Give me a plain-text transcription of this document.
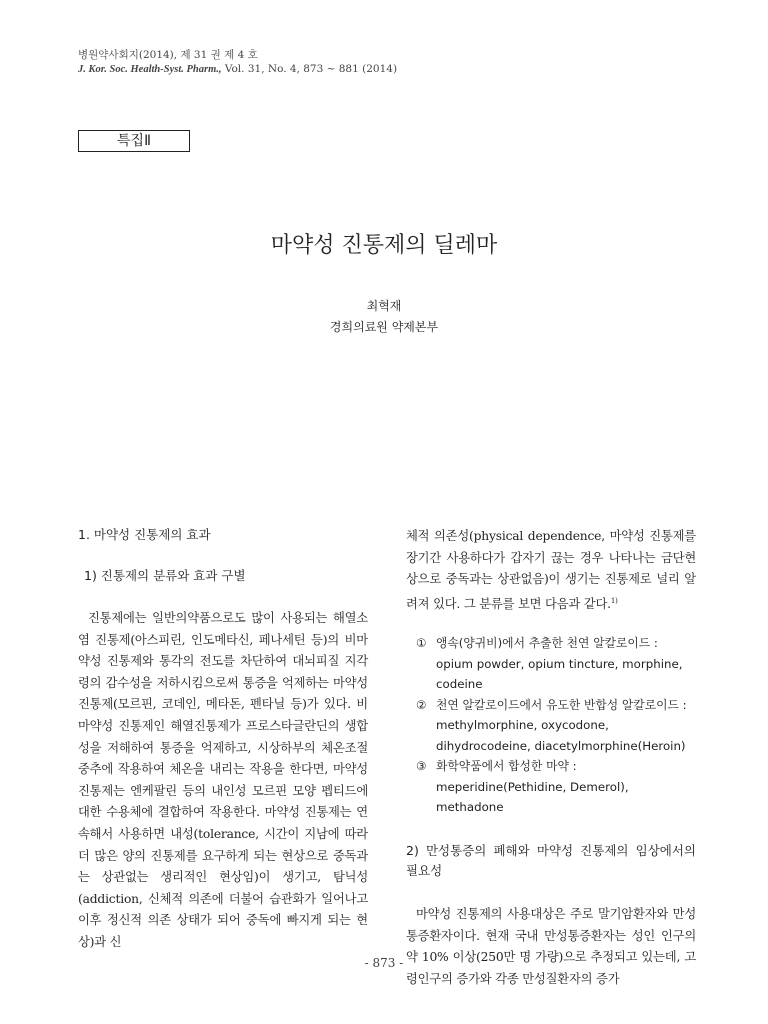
병원약사회지(2014), 제 31 권 제 4 호
J. Kor. Soc. Health-Syst. Pharm., Vol. 31, No. 4, 873 ~ 881 (2014)
특집Ⅱ
마약성 진통제의 딜레마
최혁재
경희의료원 약제본부
1. 마약성 진통제의 효과
1) 진통제의 분류와 효과 구별

진통제에는 일반의약품으로도 많이 사용되는 해열소염 진통제(아스피린, 인도메타신, 페나세틴 등)의 비마약성 진통제와 통각의 전도를 차단하여 대뇌피질 지각령의 감수성을 저하시킴으로써 통증을 억제하는 마약성 진통제(모르핀, 코데인, 메타돈, 펜타닐 등)가 있다. 비마약성 진통제인 해열진통제가 프로스타글란딘의 생합성을 저해하여 통증을 억제하고, 시상하부의 체온조절 중추에 작용하여 체온을 내리는 작용을 한다면, 마약성 진통제는 엔케팔린 등의 내인성 모르핀 모양 펩티드에 대한 수용체에 결합하여 작용한다. 마약성 진통제는 연속해서 사용하면 내성(tolerance, 시간이 지남에 따라 더 많은 양의 진통제를 요구하게 되는 현상으로 중독과는 상관없는 생리적인 현상임)이 생기고, 탐닉성(addiction, 신체적 의존에 더불어 습관화가 일어나고 이후 정신적 의존 상태가 되어 중독에 빠지게 되는 현상)과 신

체적 의존성(physical dependence, 마약성 진통제를 장기간 사용하다가 갑자기 끊는 경우 나타나는 금단현상으로 중독과는 상관없음)이 생기는 진통제로 널리 알려져 있다. 그 분류를 보면 다음과 같다.$^{1)}$

① 앵속(양귀비)에서 추출한 천연 알칼로이드 : opium powder, opium tincture, morphine, codeine
② 천연 알칼로이드에서 유도한 반합성 알칼로이드 : methylmorphine, oxycodone, dihydrocodeine, diacetylmorphine(Heroin)
③ 화학약품에서 합성한 마약 : meperidine(Pethidine, Demerol), methadone
2) 만성통증의 폐해와 마약성 진통제의 임상에서의 필요성

마약성 진통제의 사용대상은 주로 말기암환자와 만성통증환자이다. 현재 국내 만성통증환자는 성인 인구의 약 10% 이상(250만 명 가량)으로 추정되고 있는데, 고령인구의 증가와 각종 만성질환자의 증가

- 873 -
